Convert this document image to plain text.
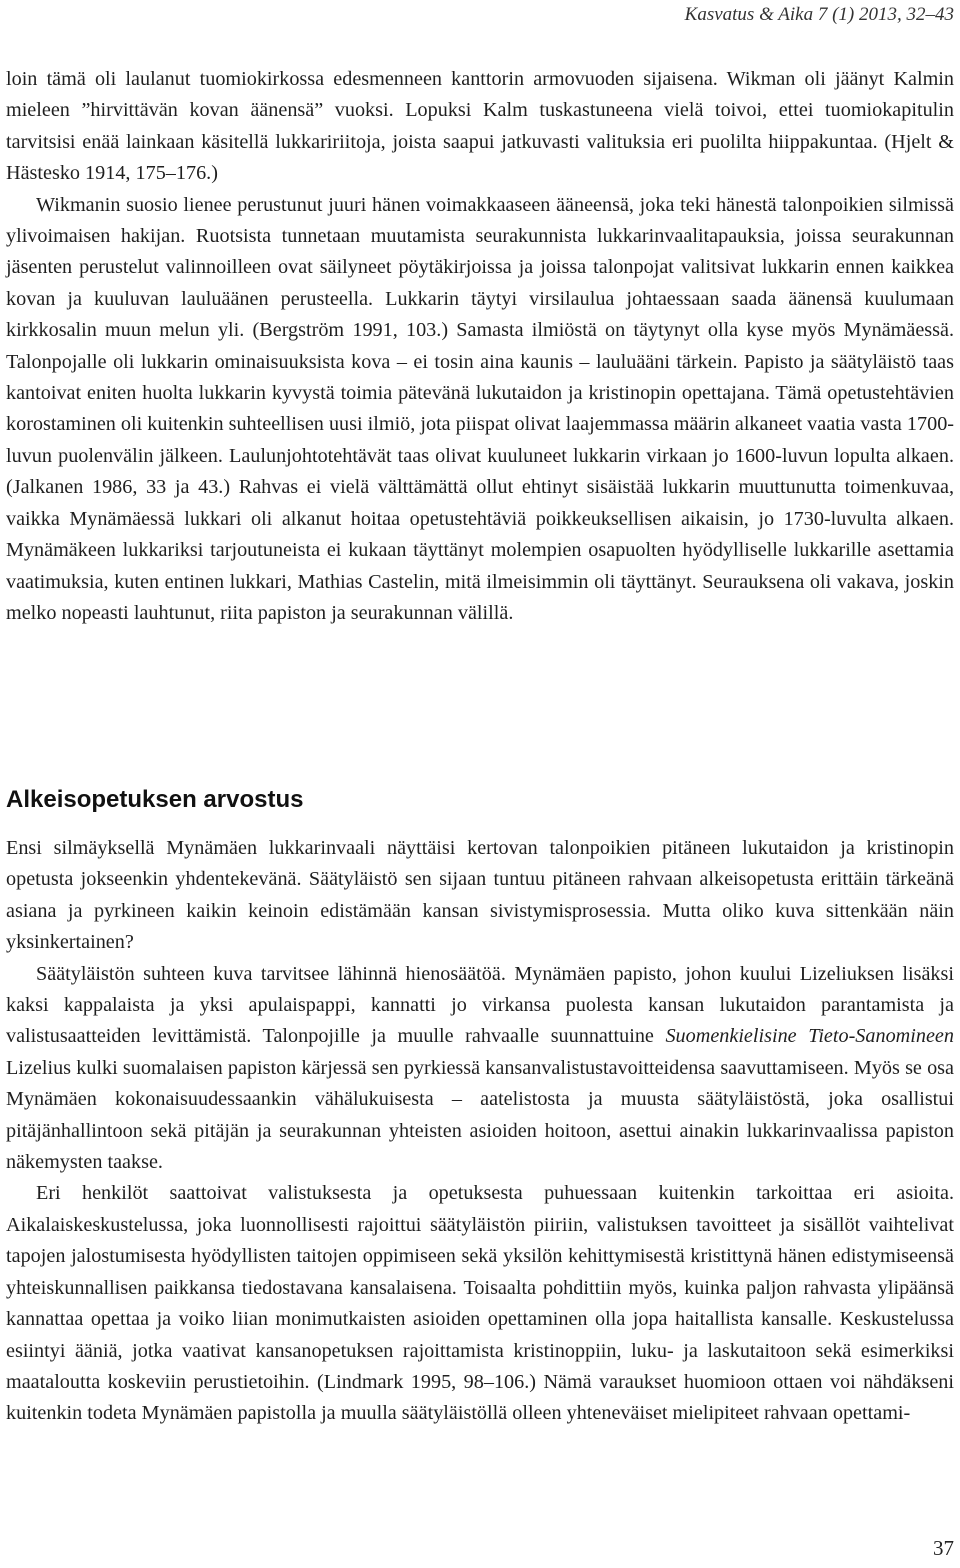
Kasvatus & Aika 7 (1) 2013, 32–43

loin tämä oli laulanut tuomiokirkossa edesmenneen kanttorin armovuoden sijaisena. Wikman oli jäänyt Kalmin mieleen ”hirvittävän kovan äänensä” vuoksi. Lopuksi Kalm tuskastuneena vielä toivoi, ettei tuomiokapitulin tarvitsisi enää lainkaan käsitellä lukkaririitoja, joista saapui jatkuvasti valituksia eri puolilta hiippakuntaa. (Hjelt & Hästesko 1914, 175–176.)

Wikmanin suosio lienee perustunut juuri hänen voimakkaaseen ääneensä, joka teki hänestä talonpoikien silmissä ylivoimaisen hakijan. Ruotsista tunnetaan muutamista seurakunnista lukkarinvaalitapauksia, joissa seurakunnan jäsenten perustelut valinnoilleen ovat säilyneet pöytäkirjoissa ja joissa talonpojat valitsivat lukkarin ennen kaikkea kovan ja kuuluvan lauluäänen perusteella. Lukkarin täytyi virsilaulua johtaessaan saada äänensä kuulumaan kirkkosalin muun melun yli. (Bergström 1991, 103.) Samasta ilmiöstä on täytynyt olla kyse myös Mynämäessä. Talonpojalle oli lukkarin ominaisuuksista kova – ei tosin aina kaunis – lauluääni tärkein. Papisto ja säätyläistö taas kantoivat eniten huolta lukkarin kyvystä toimia pätevänä lukutaidon ja kristinopin opettajana. Tämä opetustehtävien korostaminen oli kuitenkin suhteellisen uusi ilmiö, jota piispat olivat laajemmassa määrin alkaneet vaatia vasta 1700-luvun puolenvälin jälkeen. Laulunjohtotehtävät taas olivat kuuluneet lukkarin virkaan jo 1600-luvun lopulta alkaen. (Jalkanen 1986, 33 ja 43.) Rahvas ei vielä välttämättä ollut ehtinyt sisäistää lukkarin muuttunutta toimenkuvaa, vaikka Mynämäessä lukkari oli alkanut hoitaa opetustehtäviä poikkeuksellisen aikaisin, jo 1730-luvulta alkaen. Mynämäkeen lukkariksi tarjoutuneista ei kukaan täyttänyt molempien osapuolten hyödylliselle lukkarille asettamia vaatimuksia, kuten entinen lukkari, Mathias Castelin, mitä ilmeisimmin oli täyttänyt. Seurauksena oli vakava, joskin melko nopeasti lauhtunut, riita papiston ja seurakunnan välillä.

Alkeisopetuksen arvostus

Ensi silmäyksellä Mynämäen lukkarinvaali näyttäisi kertovan talonpoikien pitäneen lukutaidon ja kristinopin opetusta jokseenkin yhdentekevänä. Säätyläistö sen sijaan tuntuu pitäneen rahvaan alkeisopetusta erittäin tärkeänä asiana ja pyrkineen kaikin keinoin edistämään kansan sivistymisprosessia. Mutta oliko kuva sittenkään näin yksinkertainen?

Säätyläistön suhteen kuva tarvitsee lähinnä hienosäätöä. Mynämäen papisto, johon kuului Lizeliuksen lisäksi kaksi kappalaista ja yksi apulaispappi, kannatti jo virkansa puolesta kansan lukutaidon parantamista ja valistusaatteiden levittämistä. Talonpojille ja muulle rahvaalle suunnattuine Suomenkielisine Tieto-Sanomineen Lizelius kulki suomalaisen papiston kärjessä sen pyrkiessä kansanvalistustavoitteidensa saavuttamiseen. Myös se osa Mynämäen kokonaisuudessaankin vähälukuisesta – aatelistosta ja muusta säätyläistöstä, joka osallistui pitäjänhallintoon sekä pitäjän ja seurakunnan yhteisten asioiden hoitoon, asettui ainakin lukkarinvaalissa papiston näkemysten taakse.

Eri henkilöt saattoivat valistuksesta ja opetuksesta puhuessaan kuitenkin tarkoittaa eri asioita. Aikalaiskeskustelussa, joka luonnollisesti rajoittui säätyläistön piiriin, valistuksen tavoitteet ja sisällöt vaihtelivat tapojen jalostumisesta hyödyllisten taitojen oppimiseen sekä yksilön kehittymisestä kristittynä hänen edistymiseensä yhteiskunnallisen paikkansa tiedostavana kansalaisena. Toisaalta pohdittiin myös, kuinka paljon rahvasta ylipäänsä kannattaa opettaa ja voiko liian monimutkaisten asioiden opettaminen olla jopa haitallista kansalle. Keskustelussa esiintyi ääniä, jotka vaativat kansanopetuksen rajoittamista kristinoppiin, luku- ja laskutaitoon sekä esimerkiksi maataloutta koskeviin perustietoihin. (Lindmark 1995, 98–106.) Nämä varaukset huomioon ottaen voi nähdäkseni kuitenkin todeta Mynämäen papistolla ja muulla säätyläistöllä olleen yhteneväiset mielipiteet rahvaan opettami-

37
